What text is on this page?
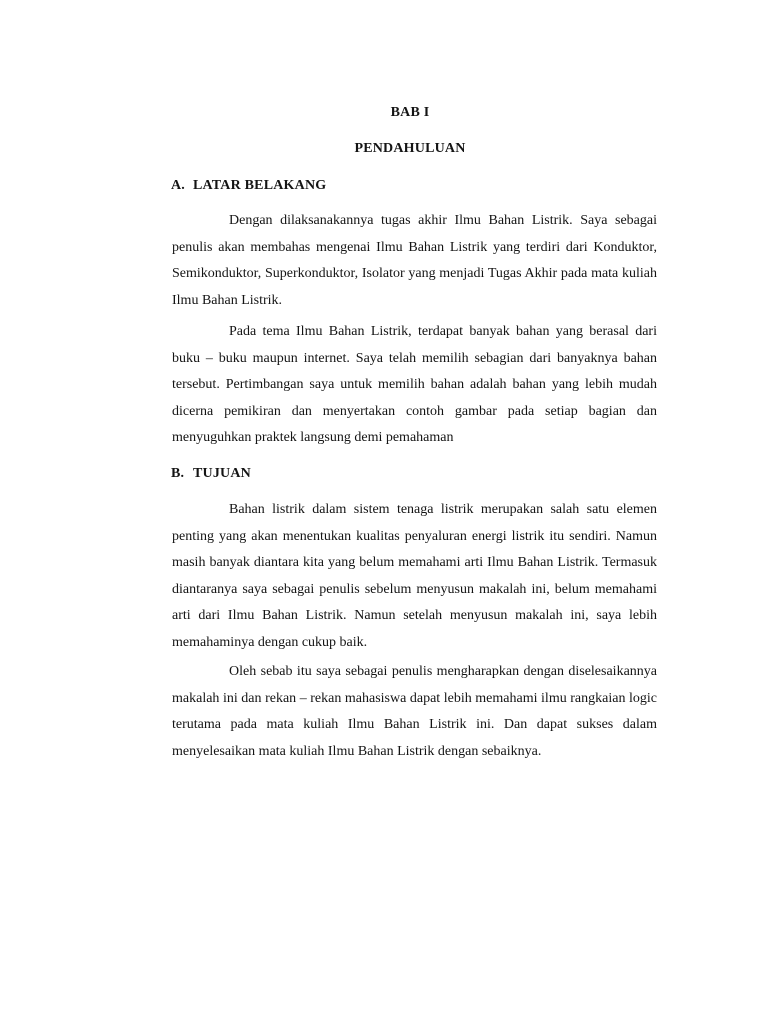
BAB I
PENDAHULUAN
A. LATAR BELAKANG

Dengan dilaksanakannya tugas akhir Ilmu Bahan Listrik. Saya sebagai penulis akan membahas mengenai Ilmu Bahan Listrik yang terdiri dari Konduktor, Semikonduktor, Superkonduktor, Isolator yang menjadi Tugas Akhir pada mata kuliah Ilmu Bahan Listrik.

Pada tema Ilmu Bahan Listrik, terdapat banyak bahan yang berasal dari buku – buku maupun internet. Saya telah memilih sebagian dari banyaknya bahan tersebut. Pertimbangan saya untuk memilih bahan adalah bahan yang lebih mudah dicerna pemikiran dan menyertakan contoh gambar pada setiap bagian dan menyuguhkan praktek langsung demi pemahaman

B. TUJUAN

Bahan listrik dalam sistem tenaga listrik merupakan salah satu elemen penting yang akan menentukan kualitas penyaluran energi listrik itu sendiri. Namun masih banyak diantara kita yang belum memahami arti Ilmu Bahan Listrik. Termasuk diantaranya saya sebagai penulis sebelum menyusun makalah ini, belum memahami arti dari Ilmu Bahan Listrik. Namun setelah menyusun makalah ini, saya lebih memahaminya dengan cukup baik.

Oleh sebab itu saya sebagai penulis mengharapkan dengan diselesaikannya makalah ini dan rekan – rekan mahasiswa dapat lebih memahami ilmu rangkaian logic terutama pada mata kuliah Ilmu Bahan Listrik ini. Dan dapat sukses dalam menyelesaikan mata kuliah Ilmu Bahan Listrik dengan sebaiknya.
